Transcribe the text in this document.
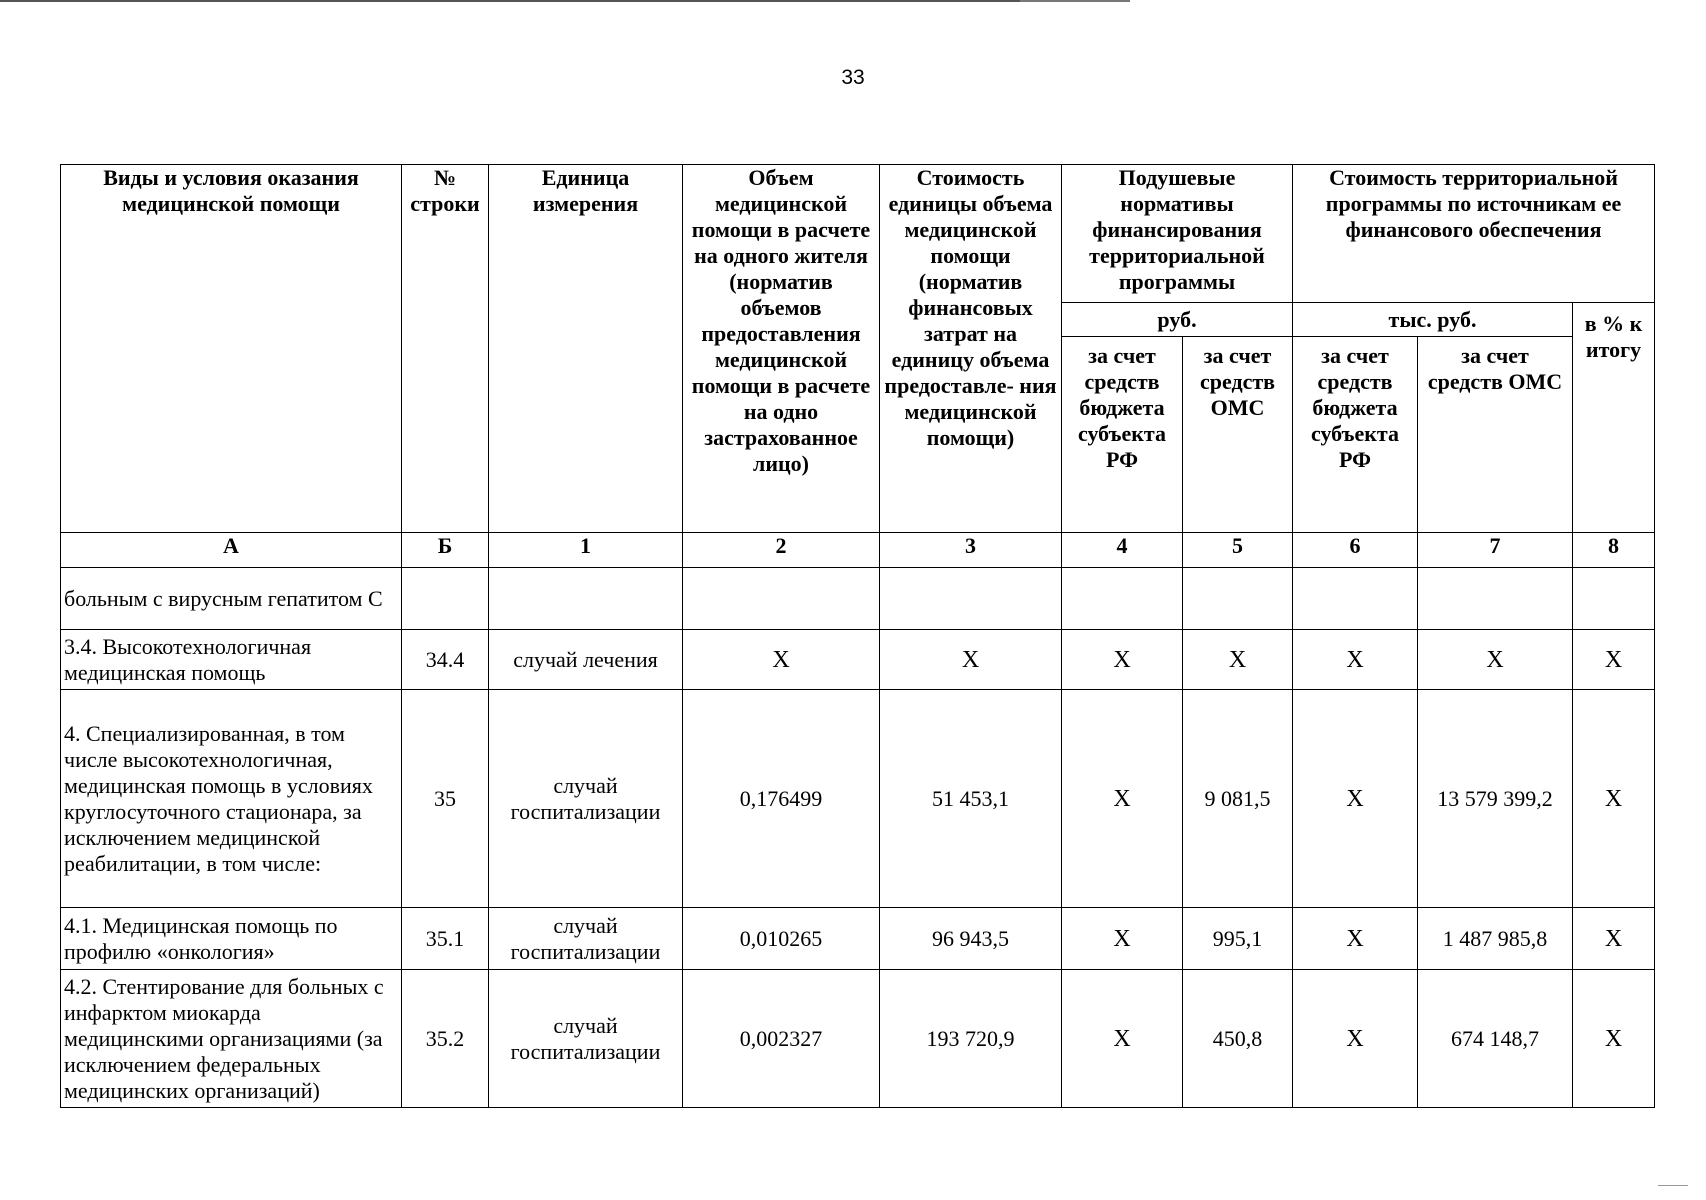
33
Виды и условия оказания медицинской помощи	№ строки	Единица измерения	Объем медицинской помощи в расчете на одного жителя (норматив объемов предоставления медицинской помощи в расчете на одно застрахованное лицо)	Стоимость единицы объема медицинской помощи (норматив финансовых затрат на единицу объема предоставле- ния медицинской помощи)	Подушевые нормативы финансирования территориальной программы		Стоимость территориальной программы по источникам ее финансового обеспечения		
					руб.		тыс. руб.		в % к итогу
					за счет средств бюджета субъекта РФ	за счет средств ОМС	за счет средств бюджета субъекта РФ	за счет средств ОМС	
А	Б	1	2	3	4	5	6	7	8
больным с вирусным гепатитом С									
3.4. Высокотехнологичная медицинская помощь	34.4	случай лечения	Х	Х	Х	Х	Х	Х	Х
4. Специализированная, в том числе высокотехнологичная, медицинская помощь в условиях круглосуточного стационара, за исключением медицинской реабилитации, в том числе:	35	случай госпитализации	0,176499	51 453,1	Х	9 081,5	Х	13 579 399,2	Х
4.1. Медицинская помощь по профилю «онкология»	35.1	случай госпитализации	0,010265	96 943,5	Х	995,1	Х	1 487 985,8	Х
4.2. Стентирование для больных с инфарктом миокарда медицинскими организациями (за исключением федеральных медицинских организаций)	35.2	случай госпитализации	0,002327	193 720,9	Х	450,8	Х	674 148,7	Х
